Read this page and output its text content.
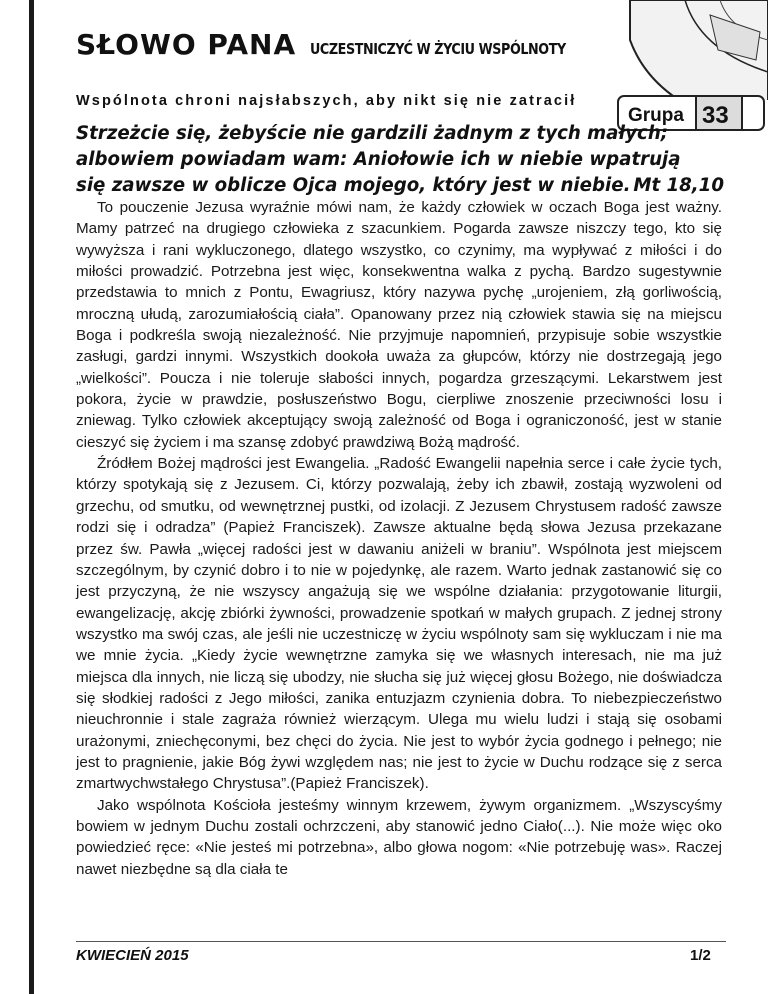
SŁOWO PANA UCZESTNICZYĆ W ŻYCIU WSPÓLNOTY
Grupa 33
Wspólnota chroni najsłabszych, aby nikt się nie zatracił
Strzeżcie się, żebyście nie gardzili żadnym z tych małych; albowiem powiadam wam: Aniołowie ich w niebie wpatrują się zawsze w oblicze Ojca mojego, który jest w niebie. Mt 18,10

To pouczenie Jezusa wyraźnie mówi nam, że każdy człowiek w oczach Boga jest ważny. Mamy patrzeć na drugiego człowieka z szacunkiem. Pogarda zawsze niszczy tego, kto się wywyższa i rani wykluczonego, dlatego wszystko, co czynimy, ma wypływać z miłości i do miłości prowadzić. Potrzebna jest więc, konsekwentna walka z pychą. Bardzo sugestywnie przedstawia to mnich z Pontu, Ewagriusz, który nazywa pychę „urojeniem, złą gorliwością, mroczną ułudą, zarozumiałością ciała”. Opanowany przez nią człowiek stawia się na miejscu Boga i podkreśla swoją niezależność. Nie przyjmuje napomnień, przypisuje sobie wszystkie zasługi, gardzi innymi. Wszystkich dookoła uważa za głupców, którzy nie dostrzegają jego „wielkości”. Poucza i nie toleruje słabości innych, pogardza grzeszącymi. Lekarstwem jest pokora, życie w prawdzie, posłuszeństwo Bogu, cierpliwe znoszenie przeciwności losu i zniewag. Tylko człowiek akceptujący swoją zależność od Boga i ograniczoność, jest w stanie cieszyć się życiem i ma szansę zdobyć prawdziwą Bożą mądrość.

Źródłem Bożej mądrości jest Ewangelia. „Radość Ewangelii napełnia serce i całe życie tych, którzy spotykają się z Jezusem. Ci, którzy pozwalają, żeby ich zbawił, zostają wyzwoleni od grzechu, od smutku, od wewnętrznej pustki, od izolacji. Z Jezusem Chrystusem radość zawsze rodzi się i odradza” (Papież Franciszek). Zawsze aktualne będą słowa Jezusa przekazane przez św. Pawła „więcej radości jest w dawaniu aniżeli w braniu”. Wspólnota jest miejscem szczególnym, by czynić dobro i to nie w pojedynkę, ale razem. Warto jednak zastanowić się co jest przyczyną, że nie wszyscy angażują się we wspólne działania: przygotowanie liturgii, ewangelizację, akcję zbiórki żywności, prowadzenie spotkań w małych grupach. Z jednej strony wszystko ma swój czas, ale jeśli nie uczestniczę w życiu wspólnoty sam się wykluczam i nie ma we mnie życia. „Kiedy życie wewnętrzne zamyka się we własnych interesach, nie ma już miejsca dla innych, nie liczą się ubodzy, nie słucha się już więcej głosu Bożego, nie doświadcza się słodkiej radości z Jego miłości, zanika entuzjazm czynienia dobra. To niebezpieczeństwo nieuchronnie i stale zagraża również wierzącym. Ulega mu wielu ludzi i stają się osobami urażonymi, zniechęconymi, bez chęci do życia. Nie jest to wybór życia godnego i pełnego; nie jest to pragnienie, jakie Bóg żywi względem nas; nie jest to życie w Duchu rodzące się z serca zmartwychwstałego Chrystusa”.(Papież Franciszek).

Jako wspólnota Kościoła jesteśmy winnym krzewem, żywym organizmem. „Wszyscyśmy bowiem w jednym Duchu zostali ochrzczeni, aby stanowić jedno Ciało(...). Nie może więc oko powiedzieć ręce: «Nie jesteś mi potrzebna», albo głowa nogom: «Nie potrzebuję was». Raczej nawet niezbędne są dla ciała te

KWIECIEŃ 2015	1/2
